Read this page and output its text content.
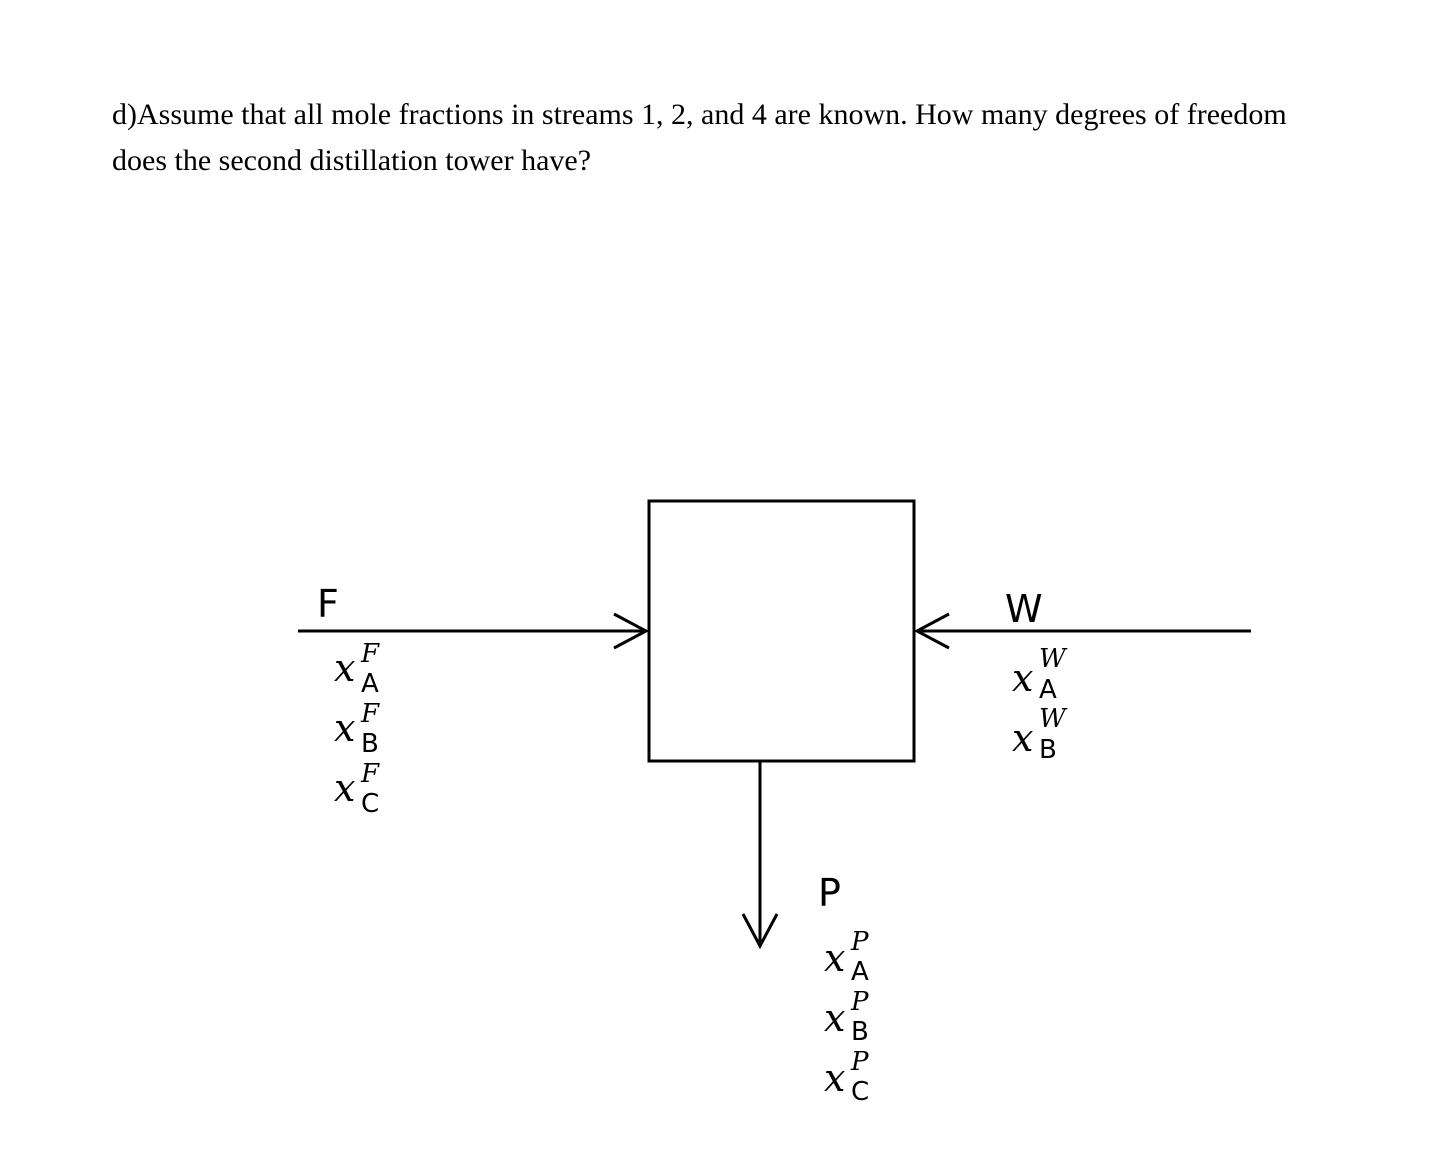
d)Assume that all mole fractions in streams 1, 2, and 4 are known. How many degrees of freedom does the second distillation tower have?

F
x F
A
x F
B
x F
C
W
x W
A
x W
B
P
x P
A
x P
B
x P
C
